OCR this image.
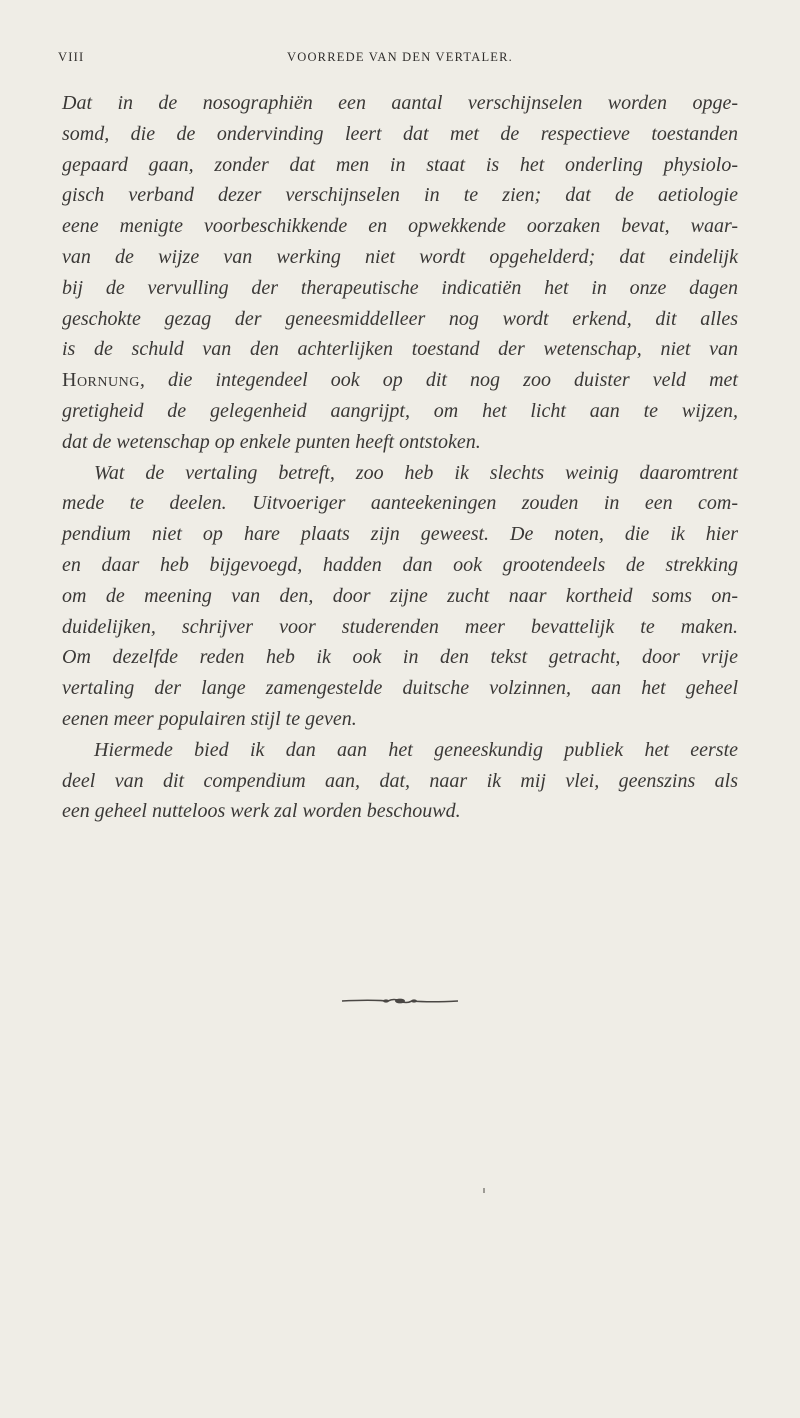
VIII	VOORREDE VAN DEN VERTALER.
Dat in de nosographiën een aantal verschijnselen worden opge-
somd, die de ondervinding leert dat met de respectieve toestanden
gepaard gaan, zonder dat men in staat is het onderling physiolo-
gisch verband dezer verschijnselen in te zien; dat de aetiologie
eene menigte voorbeschikkende en opwekkende oorzaken bevat, waar-
van de wijze van werking niet wordt opgehelderd; dat eindelijk
bij de vervulling der therapeutische indicatiën het in onze dagen
geschokte gezag der geneesmiddelleer nog wordt erkend, dit alles
is de schuld van den achterlijken toestand der wetenschap, niet van
Hornung, die integendeel ook op dit nog zoo duister veld met
gretigheid de gelegenheid aangrijpt, om het licht aan te wijzen,
dat de wetenschap op enkele punten heeft ontstoken.
Wat de vertaling betreft, zoo heb ik slechts weinig daaromtrent
mede te deelen. Uitvoeriger aanteekeningen zouden in een com-
pendium niet op hare plaats zijn geweest. De noten, die ik hier
en daar heb bijgevoegd, hadden dan ook grootendeels de strekking
om de meening van den, door zijne zucht naar kortheid soms on-
duidelijken, schrijver voor studerenden meer bevattelijk te maken.
Om dezelfde reden heb ik ook in den tekst getracht, door vrije
vertaling der lange zamengestelde duitsche volzinnen, aan het geheel
eenen meer populairen stijl te geven.
Hiermede bied ik dan aan het geneeskundig publiek het eerste
deel van dit compendium aan, dat, naar ik mij vlei, geenszins als
een geheel nutteloos werk zal worden beschouwd.
